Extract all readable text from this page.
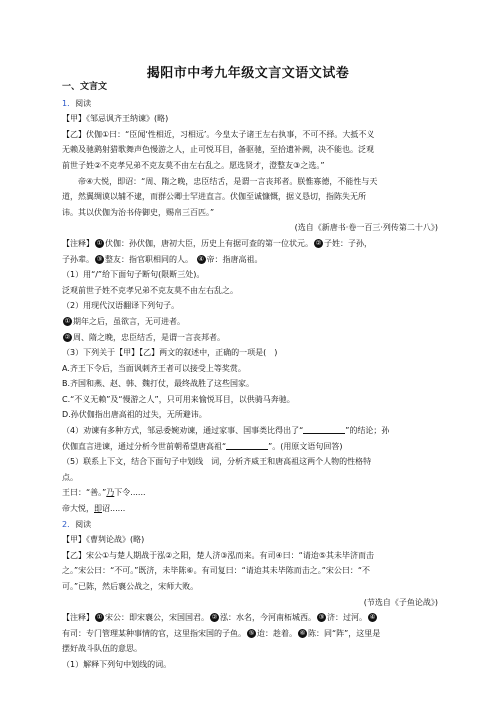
揭阳市中考九年级文言文语文试卷
一、文言文
1．阅读
【甲】《邹忌讽齐王纳谏》(略)
【乙】伏伽①曰：“臣闻‘性相近，习相远’。今皇太子诸王左右执事，不可不择。大抵不义
无赖及驰鹞射猎歌舞声色慢游之人，止可悦耳目，备驱驰，至拾遗补阙，决不能也。泛观
前世子姓②不克孝兄弟不克友莫不由左右乱之。愿选贤才，澄整友③之选。”
帝④大悦，即诏：“周、隋之晚，忠臣结舌，是谓一言丧邦者。朕惟寡德，不能性与天
道，然翼绸谟以辅不逮，而群公卿士罕进直言。伏伽至诚慷慨，据义恳切，指陈失无所
讳。其以伏伽为治书侍御史，赐帛三百匹。”
(选自《新唐书·卷一百三·列传第二十八》)
【注释】 ① 伏伽：孙伏伽，唐初大臣，历史上有据可查的第一位状元。 ② 子姓：子孙，
子孙辈。 ③ 整友：指官职相同的人。 ④ 帝：指唐高祖。
（1）用“/”给下面句子断句(限断三处)。
泛观前世子姓不克孝兄弟不克友莫不由左右乱之。
（2）用现代汉语翻译下列句子。
① 期年之后，虽欲言，无可进者。
② 周、隋之晚，忠臣结舌，是谓一言丧邦者。
（3）下列关于【甲】【乙】两文的叙述中，正确的一项是(　)
A.齐王下令后，当面讽刺齐王者可以接受上等奖赏。
B.齐国和燕、赵、韩、魏打仗，最终战胜了这些国家。
C.“不义无赖”及“慢游之人”，只可用来愉悦耳目，以供骑马奔驰。
D.孙伏伽指出唐高祖的过失，无所避讳。
（4）劝谏有多种方式，邹忌委婉劝谏，通过家事、国事类比得出了“	”的结论；孙
伏伽直言进谏，通过分析今世前朝希望唐高祖“	”。(用原文语句回答)
（5）联系上下文，结合下面句子中划线　词，分析齐威王和唐高祖这两个人物的性格特
点。
王曰：“善。”乃下令......
帝大悦，即诏......
2．阅读
【甲】《曹刿论战》(略)
【乙】宋公①与楚人期战于泓②之阳，楚人济③泓而来。有司④曰：“请迨⑤其未毕济而击
之。”宋公曰：“不可。”既济，未毕陈⑥。有司复曰：“请迨其未毕陈而击之。”宋公曰：“不
可。”已陈，然后襄公战之，宋师大败。
(节选自《子鱼论战》)
【注释】 ① 宋公：即宋襄公，宋国国君。 ② 泓：水名，今河南柘城西。 ③ 济：过河。 ④
有司：专门管理某种事情的官，这里指宋国的子鱼。 ⑤ 迨：趁着。 ⑥ 陈：同“阵”，这里是
摆好战斗队伍的意思。
（1）解释下列句中划线的词。
